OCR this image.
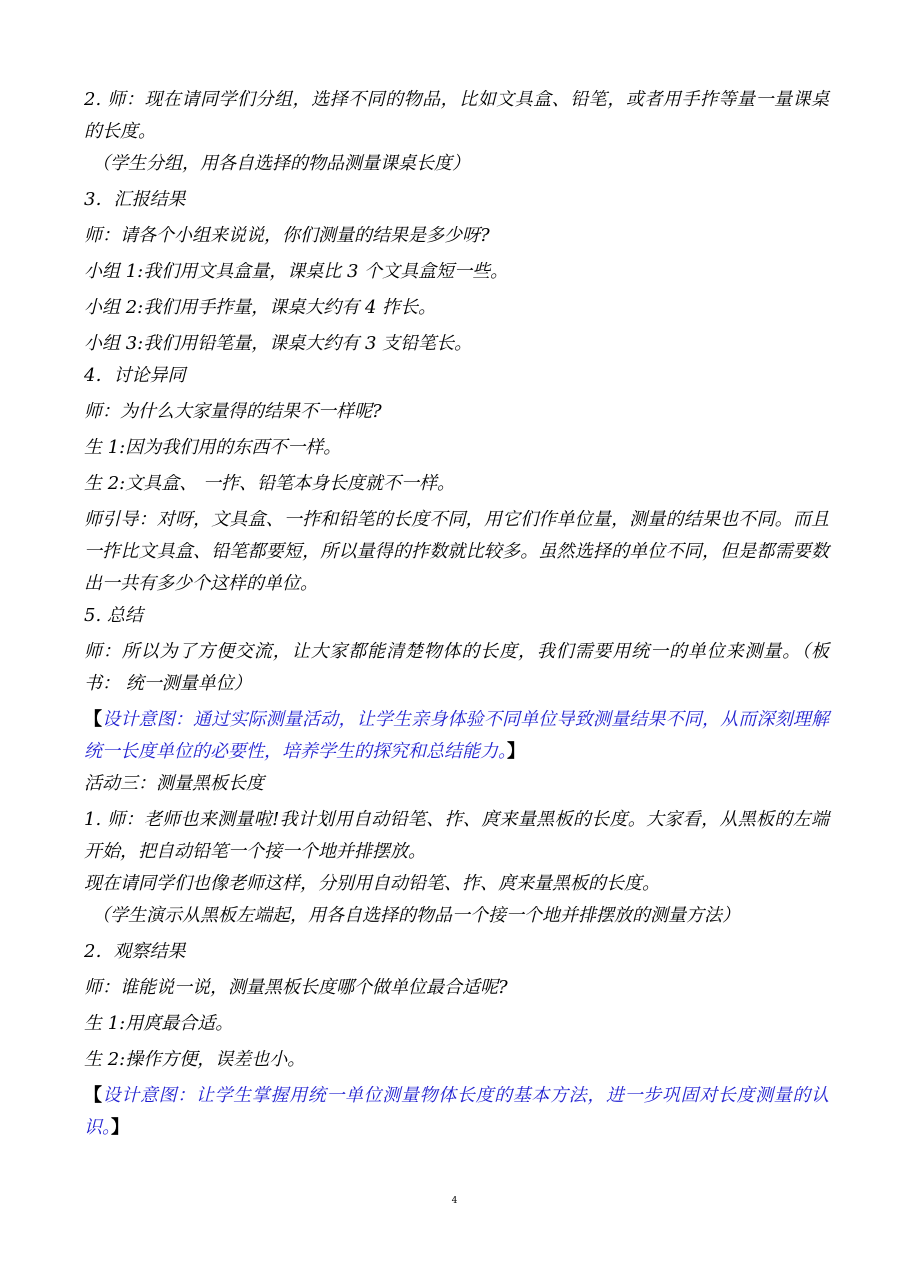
2. 师：现在请同学们分组，选择不同的物品，比如文具盒、铅笔，或者用手拃等量一量课桌 的长度。
（学生分组，用各自选择的物品测量课桌长度）
3．汇报结果
师：请各个小组来说说，你们测量的结果是多少呀?
小组 1:我们用文具盒量，课桌比 3 个文具盒短一些。
小组 2:我们用手拃量，课桌大约有 4 拃长。
小组 3:我们用铅笔量，课桌大约有 3 支铅笔长。
4．讨论异同
师：为什么大家量得的结果不一样呢?
生 1:因为我们用的东西不一样。
生 2:文具盒、 一拃、铅笔本身长度就不一样。
师引导：对呀，文具盒、一拃和铅笔的长度不同，用它们作单位量，测量的结果也不同。而且一拃比文具盒、铅笔都要短，所以量得的拃数就比较多。虽然选择的单位不同，但是都需要数出一共有多少个这样的单位。
5. 总结
师：所以为了方便交流，让大家都能清楚物体的长度，我们需要用统一的单位来测量。（板书： 统一测量单位）
【设计意图：通过实际测量活动，让学生亲身体验不同单位导致测量结果不同，从而深刻理解统一长度单位的必要性，培养学生的探究和总结能力。】
活动三：测量黑板长度
1. 师：老师也来测量啦!我计划用自动铅笔、拃、庹来量黑板的长度。大家看，从黑板的左端开始，把自动铅笔一个接一个地并排摆放。
现在请同学们也像老师这样，分别用自动铅笔、拃、庹来量黑板的长度。
（学生演示从黑板左端起，用各自选择的物品一个接一个地并排摆放的测量方法）
2．观察结果
师：谁能说一说，测量黑板长度哪个做单位最合适呢?
生 1:用庹最合适。
生 2:操作方便，误差也小。
【设计意图：让学生掌握用统一单位测量物体长度的基本方法，进一步巩固对长度测量的认识。】
4
